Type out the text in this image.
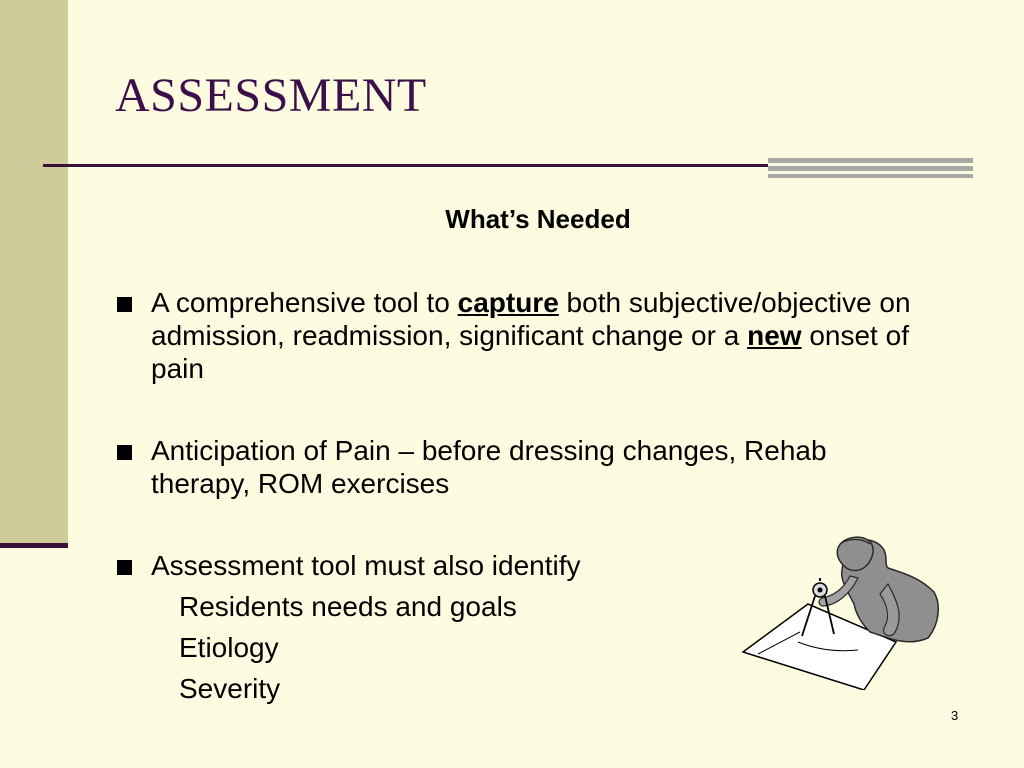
ASSESSMENT
What’s Needed
A comprehensive tool to capture both subjective/objective on admission, readmission, significant change or a new onset of pain
Anticipation of Pain – before dressing changes, Rehab therapy, ROM exercises
Assessment tool must also identify
Residents needs and goals
Etiology
Severity
3
